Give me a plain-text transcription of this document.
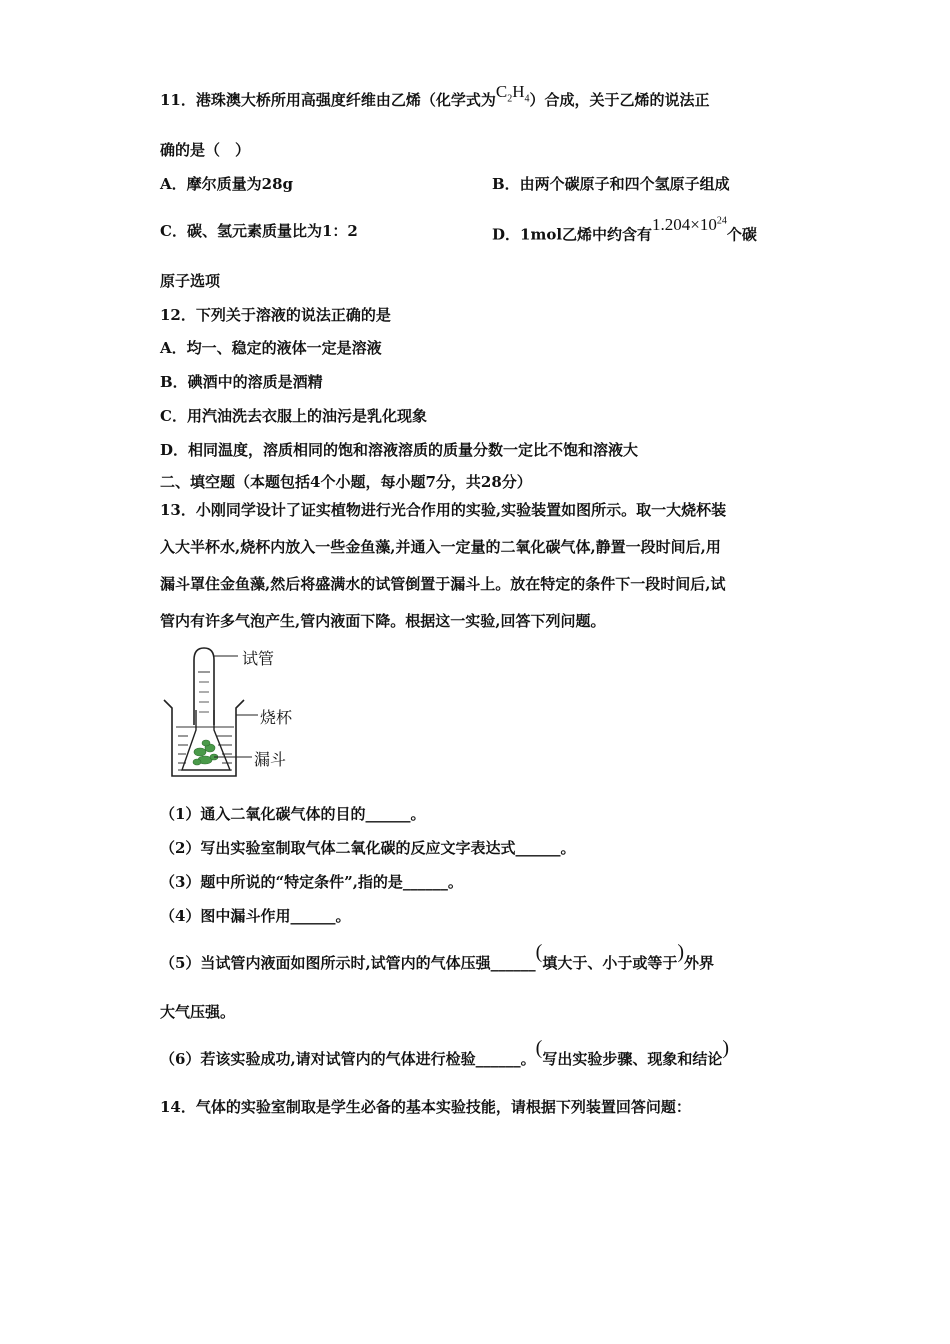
11．港珠澳大桥所用高强度纤维由乙烯（化学式为$C_2H_4$）合成，关于乙烯的说法正
确的是（　）
A．摩尔质量为28g	B．由两个碳原子和四个氢原子组成
C．碳、氢元素质量比为1：2	D．1mol乙烯中约含有$1.204\times 10^{24}$个碳
原子选项
12．下列关于溶液的说法正确的是
A．均一、稳定的液体一定是溶液
B．碘酒中的溶质是酒精
C．用汽油洗去衣服上的油污是乳化现象
D．相同温度，溶质相同的饱和溶液溶质的质量分数一定比不饱和溶液大
二、填空题（本题包括4个小题，每小题7分，共28分）
13．小刚同学设计了证实植物进行光合作用的实验,实验装置如图所示。取一大烧杯装
入大半杯水,烧杯内放入一些金鱼藻,并通入一定量的二氧化碳气体,静置一段时间后,用
漏斗罩住金鱼藻,然后将盛满水的试管倒置于漏斗上。放在特定的条件下一段时间后,试
管内有许多气泡产生,管内液面下降。根据这一实验,回答下列问题。
试管
烧杯
漏斗
（1）通入二氧化碳气体的目的______。
（2）写出实验室制取气体二氧化碳的反应文字表达式______。
（3）题中所说的“特定条件”,指的是______。
（4）图中漏斗作用______。
（5）当试管内液面如图所示时,试管内的气体压强______(填大于、小于或等于)外界
大气压强。
（6）若该实验成功,请对试管内的气体进行检验______。(写出实验步骤、现象和结论)
14．气体的实验室制取是学生必备的基本实验技能，请根据下列装置回答问题：
